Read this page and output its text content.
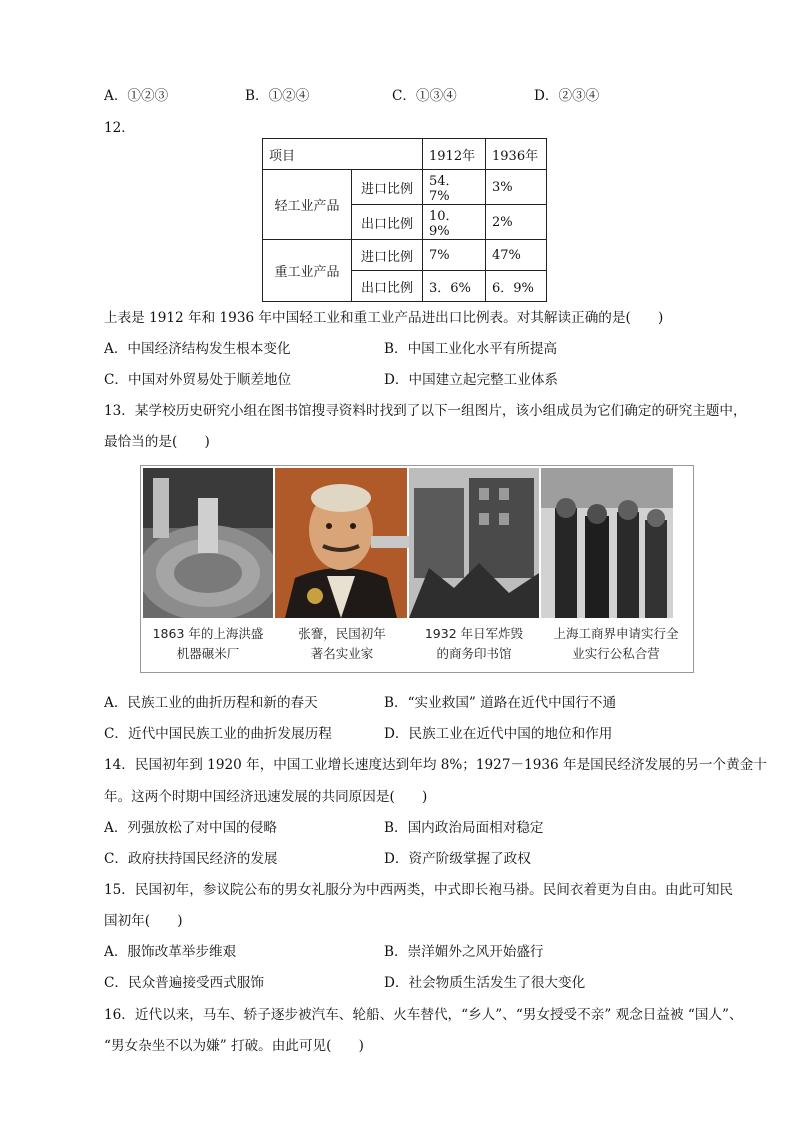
A．①②③	B．①②④	C．①③④	D．②③④
12．
项目		1912年	1936年
轻工业产品	进口比例	54．7%	3%
	出口比例	10．9%	2%
重工业产品	进口比例	7%	47%
	出口比例	3．6%	6．9%
上表是 1912 年和 1936 年中国轻工业和重工业产品进出口比例表。对其解读正确的是(　　)
A．中国经济结构发生根本变化	B．中国工业化水平有所提高
C．中国对外贸易处于顺差地位	D．中国建立起完整工业体系
13．某学校历史研究小组在图书馆搜寻资料时找到了以下一组图片，该小组成员为它们确定的研究主题中，
最恰当的是(　　)
1863 年的上海洪盛
机器碾米厂
张謇，民国初年
著名实业家
1932 年日军炸毁
的商务印书馆
上海工商界申请实行全
业实行公私合营
A．民族工业的曲折历程和新的春天	B．“实业救国” 道路在近代中国行不通
C．近代中国民族工业的曲折发展历程	D．民族工业在近代中国的地位和作用
14．民国初年到 1920 年，中国工业增长速度达到年均 8%；1927－1936 年是国民经济发展的另一个黄金十
年。这两个时期中国经济迅速发展的共同原因是(　　)
A．列强放松了对中国的侵略	B．国内政治局面相对稳定
C．政府扶持国民经济的发展	D．资产阶级掌握了政权
15．民国初年，参议院公布的男女礼服分为中西两类，中式即长袍马褂。民间衣着更为自由。由此可知民
国初年(　　)
A．服饰改革举步维艰	B．崇洋媚外之风开始盛行
C．民众普遍接受西式服饰	D．社会物质生活发生了很大变化
16．近代以来，马车、轿子逐步被汽车、轮船、火车替代，“乡人”、“男女授受不亲” 观念日益被 “国人”、
“男女杂坐不以为嫌” 打破。由此可见(　　)
